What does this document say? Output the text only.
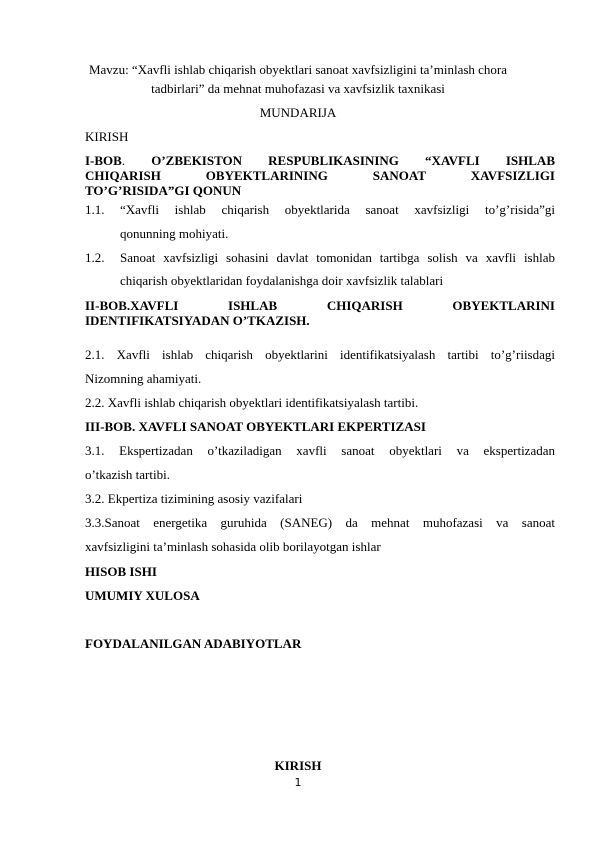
Mavzu: “Xavfli ishlab chiqarish obyektlari sanoat xavfsizligini ta’minlash chora
tadbirlari” da mehnat muhofazasi va xavfsizlik taxnikasi
MUNDARIJA
KIRISH
I-BOB. O’ZBEKISTON RESPUBLIKASINING “XAVFLI ISHLAB
CHIQARISH OBYEKTLARINING SANOAT XAVFSIZLIGI
TO’G’RISIDA”GI QONUN
1.1. “Xavfli ishlab chiqarish obyektlarida sanoat xavfsizligi to’g’risida”gi
qonunning mohiyati.
1.2. Sanoat xavfsizligi sohasini davlat tomonidan tartibga solish va xavfli ishlab
chiqarish obyektlaridan foydalanishga doir xavfsizlik talablari
II-BOB.XAVFLI ISHLAB CHIQARISH OBYEKTLARINI
IDENTIFIKATSIYADAN O’TKAZISH.
2.1. Xavfli ishlab chiqarish obyektlarini identifikatsiyalash tartibi to’g’riisdagi
Nizomning ahamiyati.
2.2. Xavfli ishlab chiqarish obyektlari identifikatsiyalash tartibi.
III-BOB. XAVFLI SANOAT OBYEKTLARI EKPERTIZASI
3.1. Ekspertizadan o’tkaziladigan xavfli sanoat obyektlari va ekspertizadan
o’tkazish tartibi.
3.2. Ekpertiza tizimining asosiy vazifalari
3.3.Sanoat energetika guruhida (SANEG) da mehnat muhofazasi va sanoat
xavfsizligini ta’minlash sohasida olib borilayotgan ishlar
HISOB ISHI
UMUMIY XULOSA
FOYDALANILGAN ADABIYOTLAR
KIRISH
1
